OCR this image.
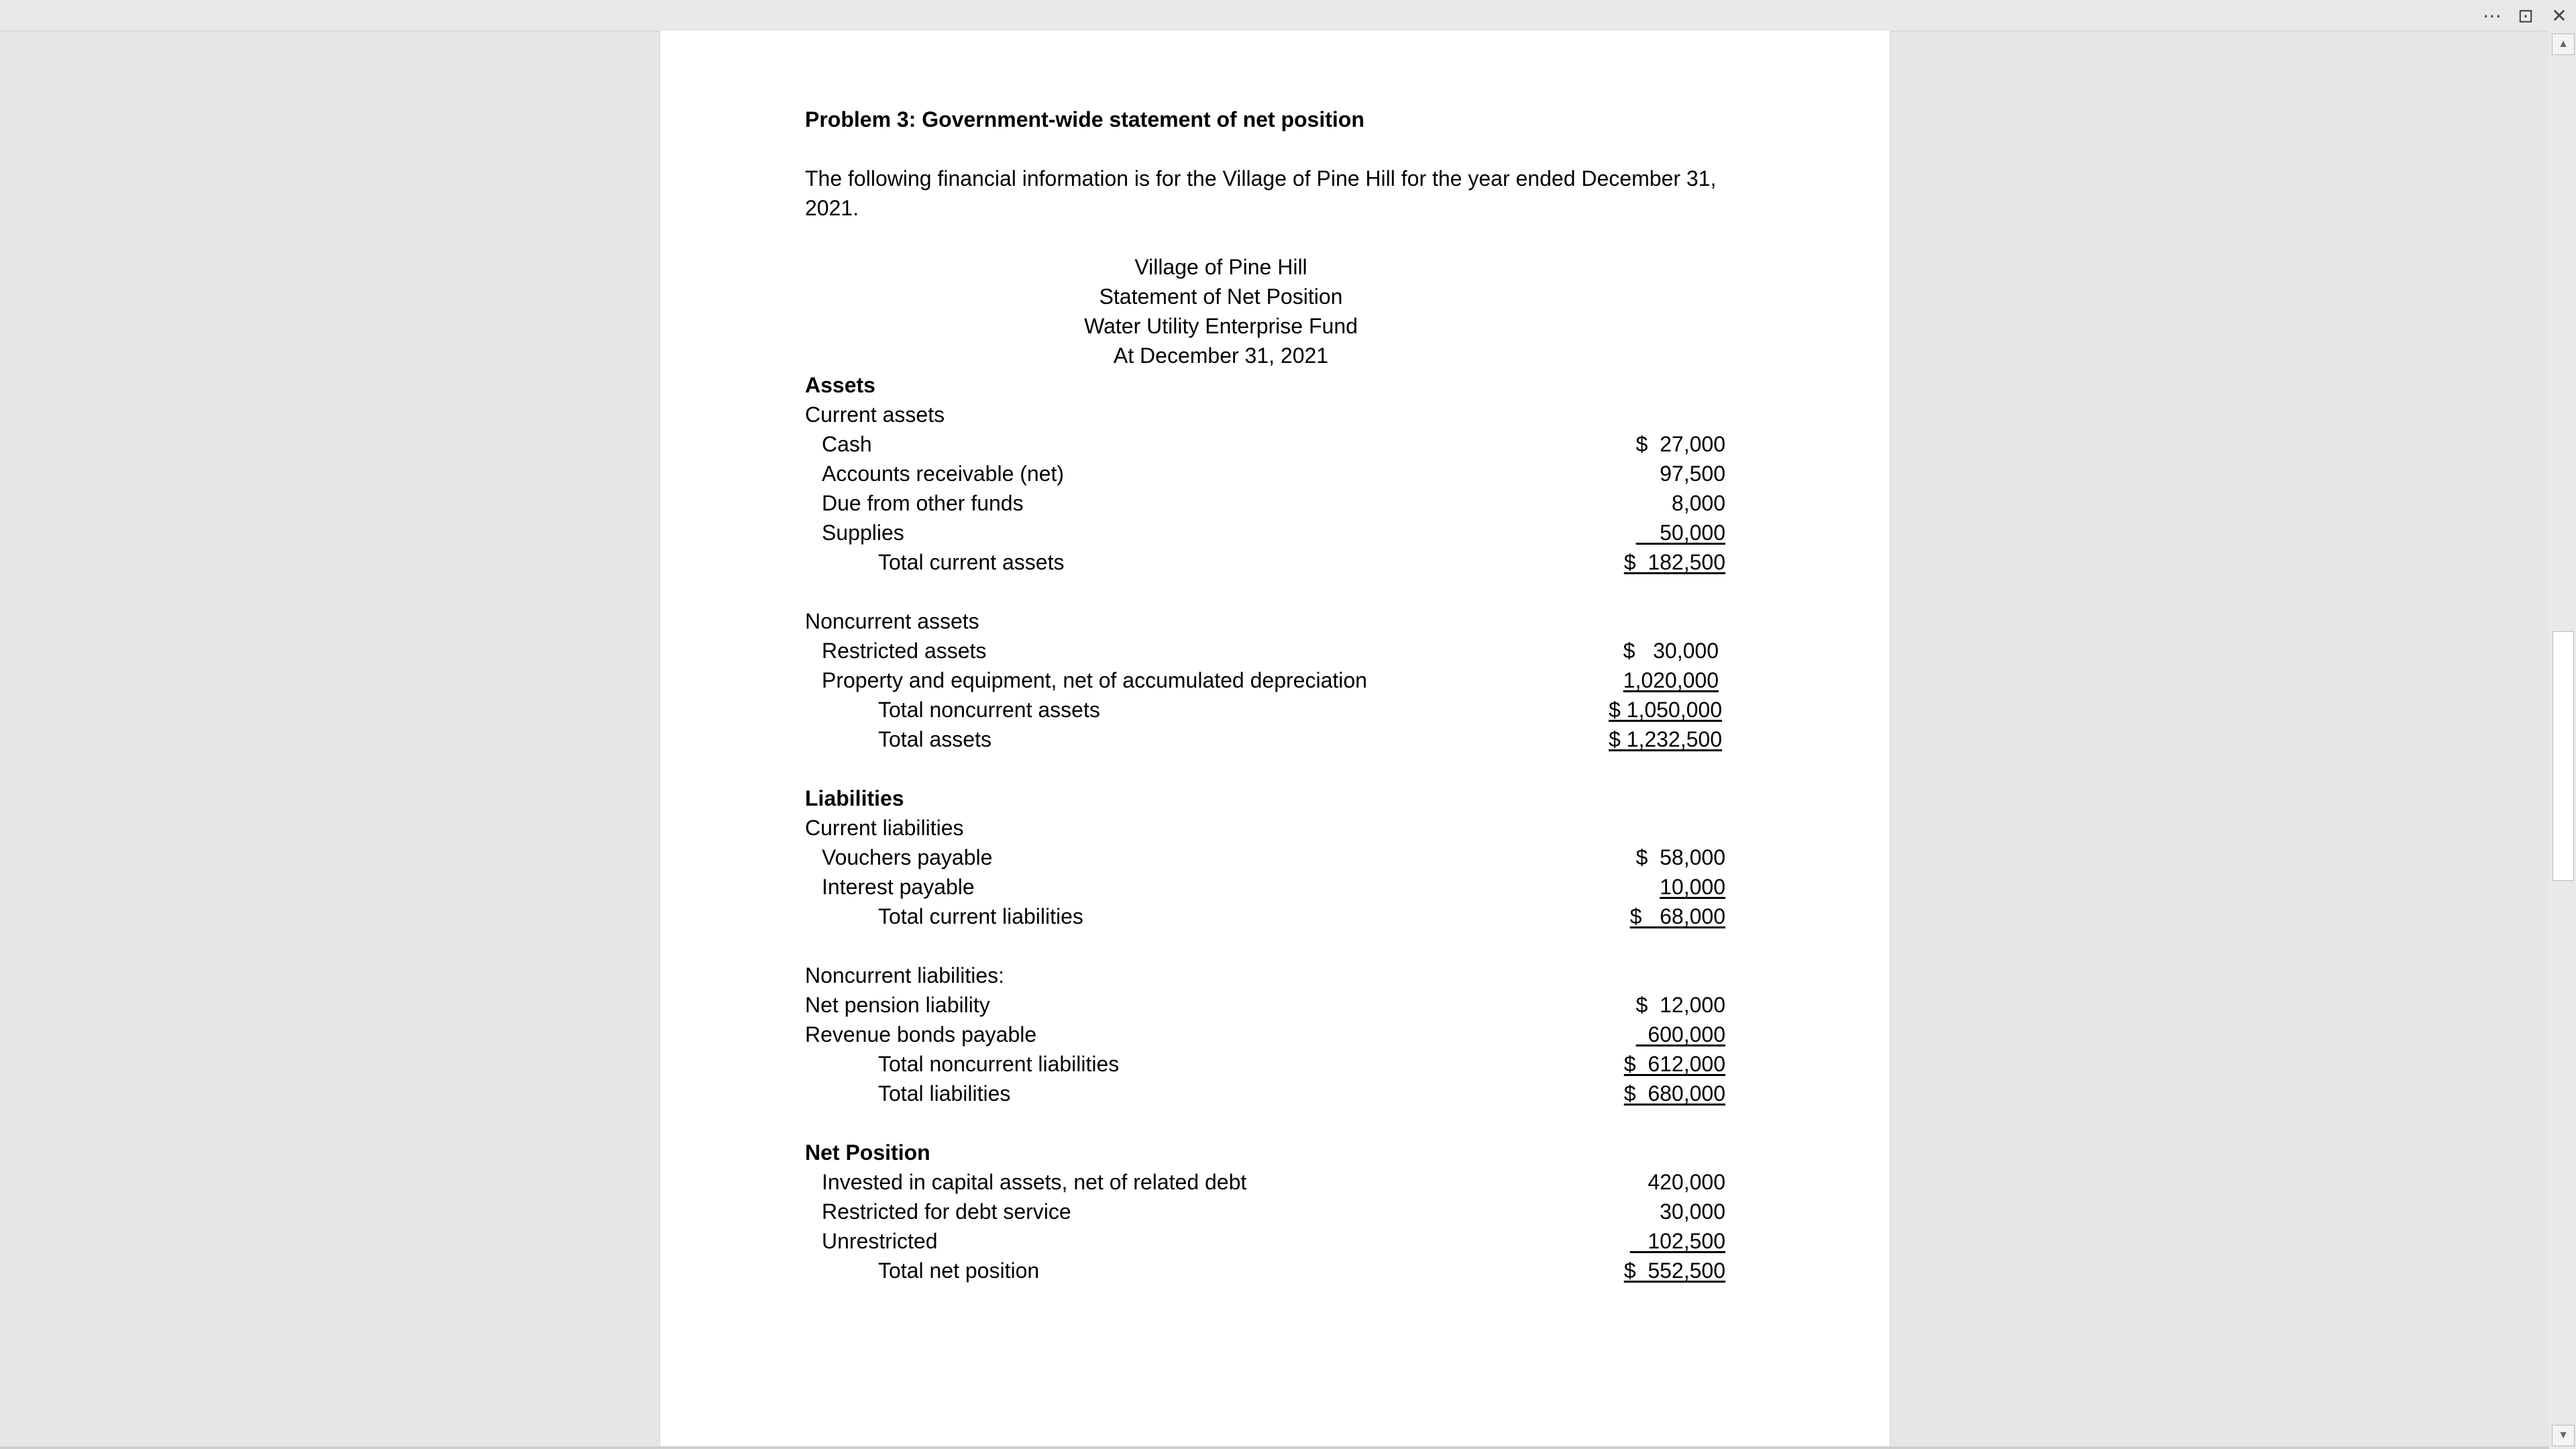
⋯ ⊡ ✕
Problem 3: Government-wide statement of net position
The following financial information is for the Village of Pine Hill for the year ended December 31, 2021.
Village of Pine Hill
Statement of Net Position
Water Utility Enterprise Fund
At December 31, 2021
Assets
Current assets
Cash	$  27,000
Accounts receivable (net)	97,500
Due from other funds	8,000
Supplies	50,000
Total current assets	$  182,500
Noncurrent assets
Restricted assets	$   30,000
Property and equipment, net of accumulated depreciation	1,020,000
Total noncurrent assets	$ 1,050,000
Total assets	$ 1,232,500
Liabilities
Current liabilities
Vouchers payable	$  58,000
Interest payable	10,000
Total current liabilities	$   68,000
Noncurrent liabilities:
Net pension liability	$  12,000
Revenue bonds payable	600,000
Total noncurrent liabilities	$  612,000
Total liabilities	$  680,000
Net Position
Invested in capital assets, net of related debt	420,000
Restricted for debt service	30,000
Unrestricted	102,500
Total net position	$  552,500
▲
▼
